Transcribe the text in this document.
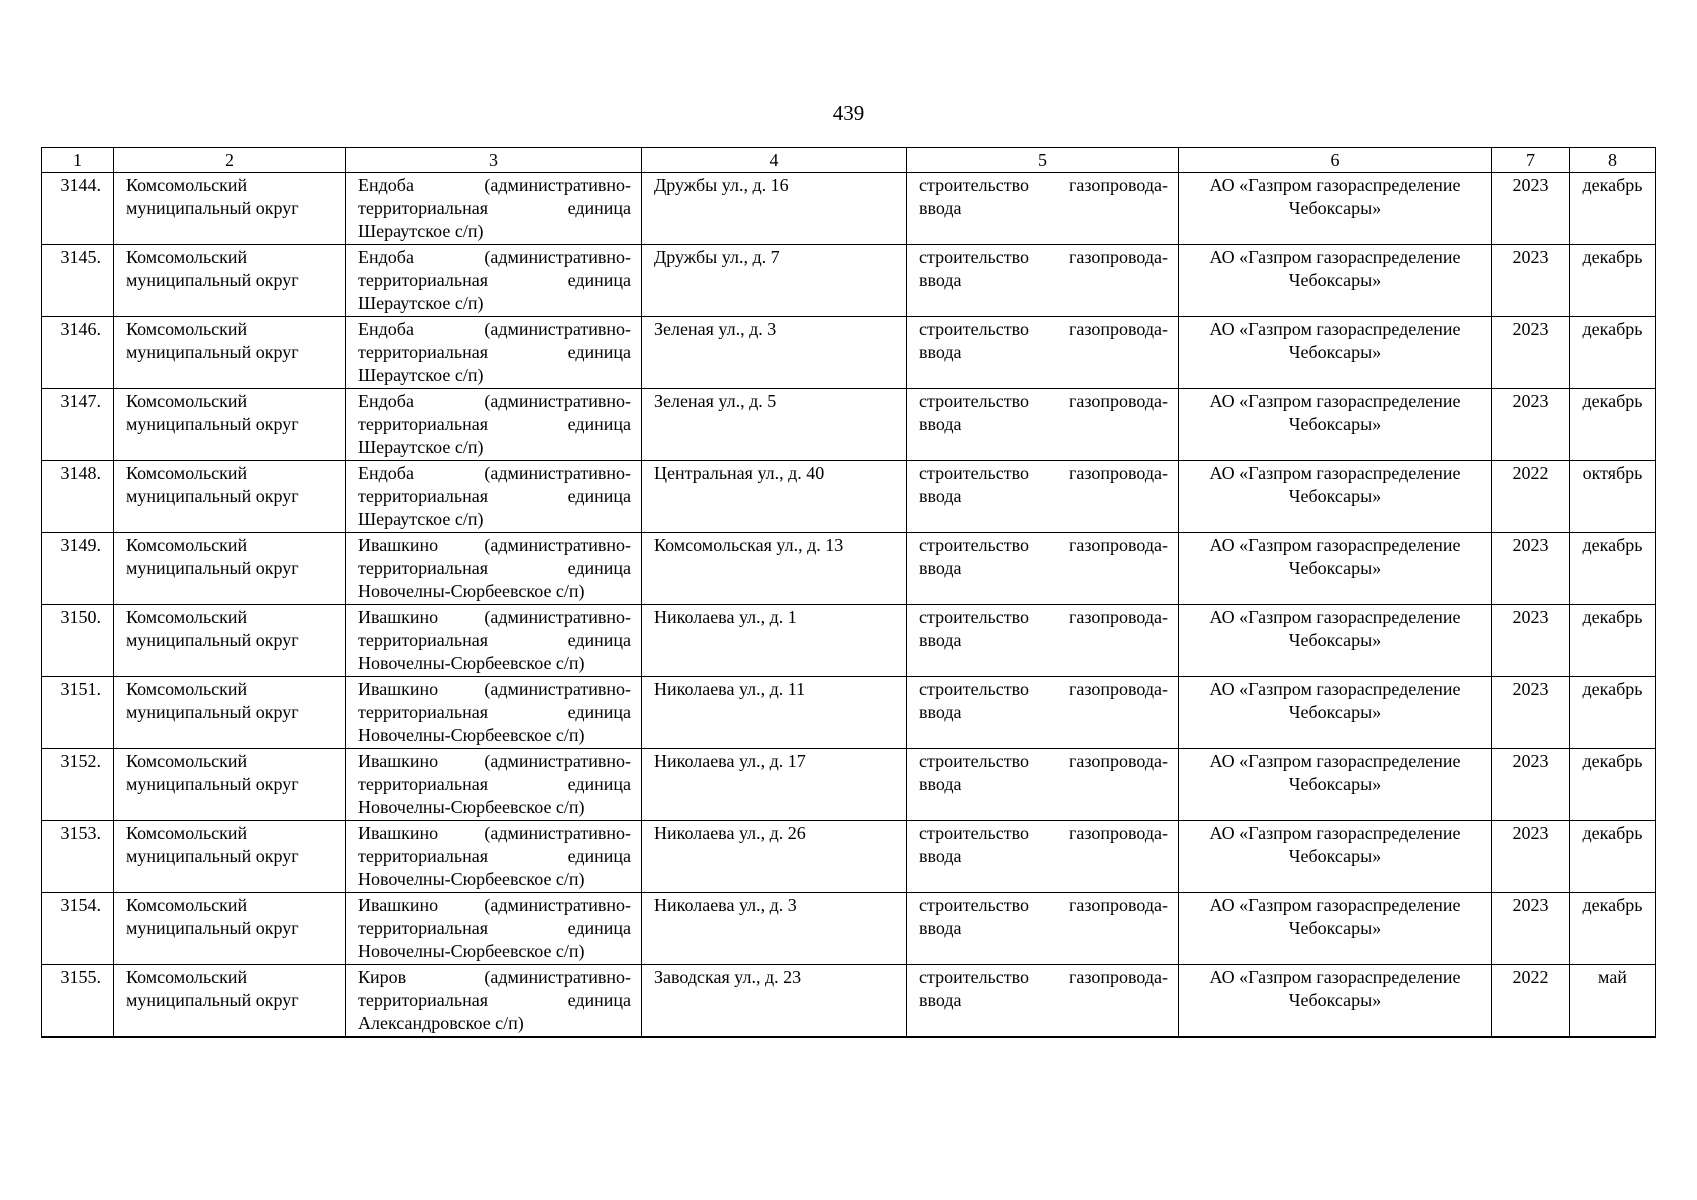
439
1	2	3	4	5	6	7	8
3144.	Комсомольский муниципальный округ	Ендоба (административно-территориальная единица Шераутское с/п)	Дружбы ул., д. 16	строительство газопровода-ввода	АО «Газпром газораспределение Чебоксары»	2023	декабрь
3145.	Комсомольский муниципальный округ	Ендоба (административно-территориальная единица Шераутское с/п)	Дружбы ул., д. 7	строительство газопровода-ввода	АО «Газпром газораспределение Чебоксары»	2023	декабрь
3146.	Комсомольский муниципальный округ	Ендоба (административно-территориальная единица Шераутское с/п)	Зеленая ул., д. 3	строительство газопровода-ввода	АО «Газпром газораспределение Чебоксары»	2023	декабрь
3147.	Комсомольский муниципальный округ	Ендоба (административно-территориальная единица Шераутское с/п)	Зеленая ул., д. 5	строительство газопровода-ввода	АО «Газпром газораспределение Чебоксары»	2023	декабрь
3148.	Комсомольский муниципальный округ	Ендоба (административно-территориальная единица Шераутское с/п)	Центральная ул., д. 40	строительство газопровода-ввода	АО «Газпром газораспределение Чебоксары»	2022	октябрь
3149.	Комсомольский муниципальный округ	Ивашкино (административно-территориальная единица Новочелны-Сюрбеевское с/п)	Комсомольская ул., д. 13	строительство газопровода-ввода	АО «Газпром газораспределение Чебоксары»	2023	декабрь
3150.	Комсомольский муниципальный округ	Ивашкино (административно-территориальная единица Новочелны-Сюрбеевское с/п)	Николаева ул., д. 1	строительство газопровода-ввода	АО «Газпром газораспределение Чебоксары»	2023	декабрь
3151.	Комсомольский муниципальный округ	Ивашкино (административно-территориальная единица Новочелны-Сюрбеевское с/п)	Николаева ул., д. 11	строительство газопровода-ввода	АО «Газпром газораспределение Чебоксары»	2023	декабрь
3152.	Комсомольский муниципальный округ	Ивашкино (административно-территориальная единица Новочелны-Сюрбеевское с/п)	Николаева ул., д. 17	строительство газопровода-ввода	АО «Газпром газораспределение Чебоксары»	2023	декабрь
3153.	Комсомольский муниципальный округ	Ивашкино (административно-территориальная единица Новочелны-Сюрбеевское с/п)	Николаева ул., д. 26	строительство газопровода-ввода	АО «Газпром газораспределение Чебоксары»	2023	декабрь
3154.	Комсомольский муниципальный округ	Ивашкино (административно-территориальная единица Новочелны-Сюрбеевское с/п)	Николаева ул., д. 3	строительство газопровода-ввода	АО «Газпром газораспределение Чебоксары»	2023	декабрь
3155.	Комсомольский муниципальный округ	Киров (административно-территориальная единица Александровское с/п)	Заводская ул., д. 23	строительство газопровода-ввода	АО «Газпром газораспределение Чебоксары»	2022	май
